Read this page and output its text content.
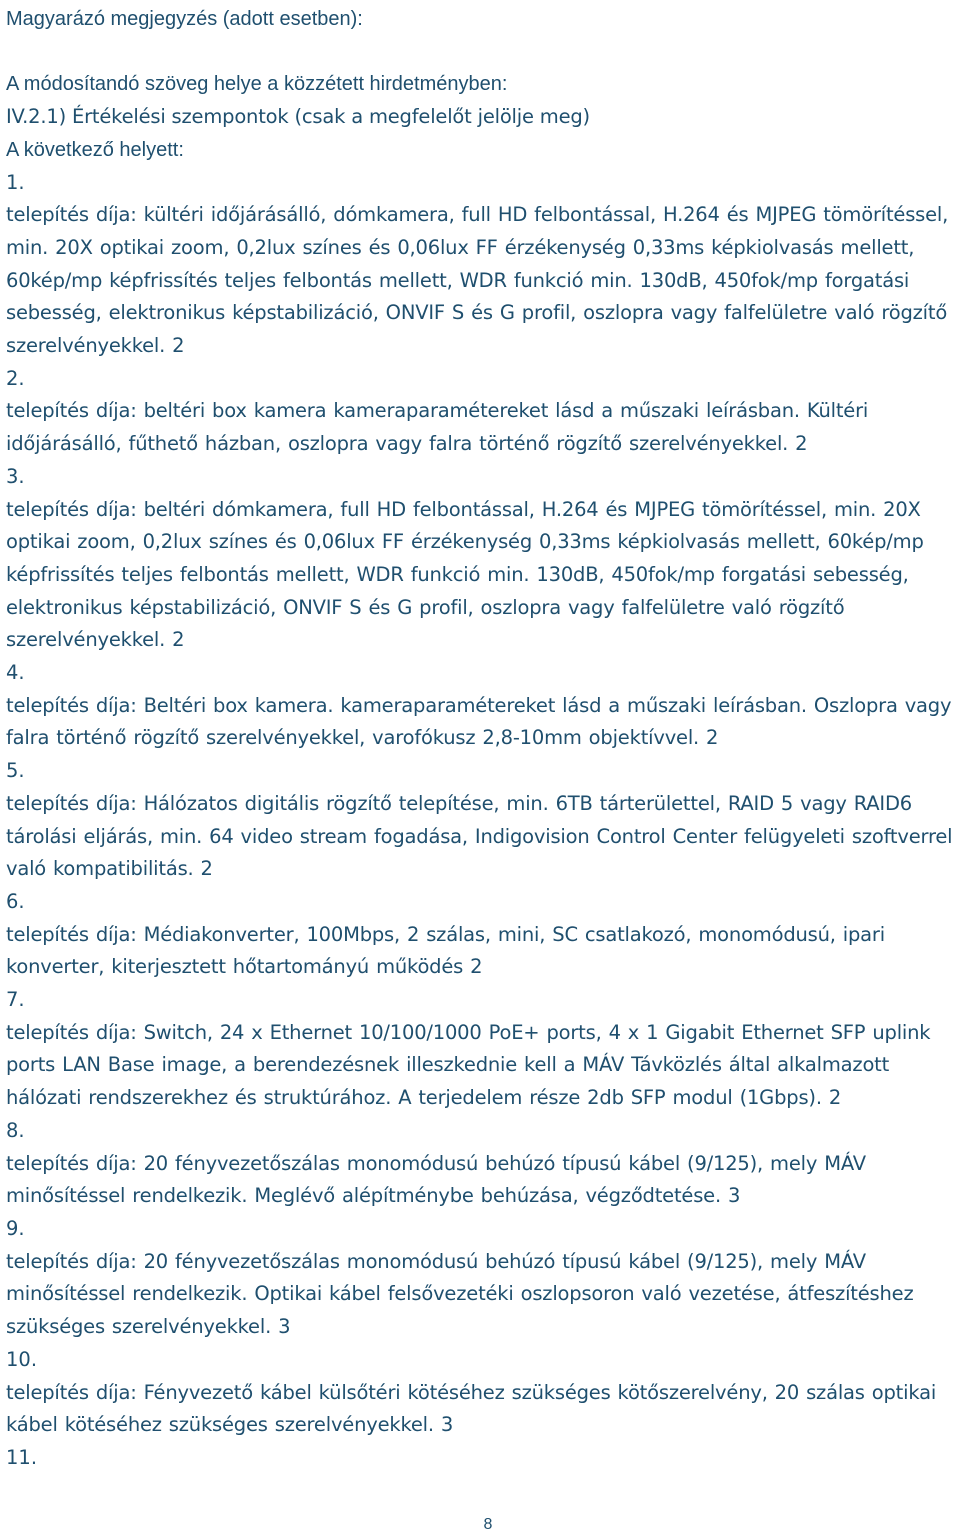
Magyarázó megjegyzés (adott esetben):
A módosítandó szöveg helye a közzétett hirdetményben:
IV.2.1) Értékelési szempontok (csak a megfelelőt jelölje meg)
A következő helyett:
1.
telepítés díja: kültéri időjárásálló, dómkamera, full HD felbontással, H.264 és MJPEG tömörítéssel, min. 20X optikai zoom, 0,2lux színes és 0,06lux FF érzékenység 0,33ms képkiolvasás mellett, 60kép/mp képfrissítés teljes felbontás mellett, WDR funkció min. 130dB, 450fok/mp forgatási sebesség, elektronikus képstabilizáció, ONVIF S és G profil, oszlopra vagy falfelületre való rögzítő szerelvényekkel. 2
2.
telepítés díja: beltéri box kamera kameraparamétereket lásd a műszaki leírásban. Kültéri időjárásálló, fűthető házban, oszlopra vagy falra történő rögzítő szerelvényekkel. 2
3.
telepítés díja: beltéri dómkamera, full HD felbontással, H.264 és MJPEG tömörítéssel, min. 20X optikai zoom, 0,2lux színes és 0,06lux FF érzékenység 0,33ms képkiolvasás mellett, 60kép/mp képfrissítés teljes felbontás mellett, WDR funkció min. 130dB, 450fok/mp forgatási sebesség, elektronikus képstabilizáció, ONVIF S és G profil, oszlopra vagy falfelületre való rögzítő szerelvényekkel. 2
4.
telepítés díja: Beltéri box kamera. kameraparamétereket lásd a műszaki leírásban. Oszlopra vagy falra történő rögzítő szerelvényekkel, varofókusz 2,8-10mm objektívvel. 2
5.
telepítés díja: Hálózatos digitális rögzítő telepítése, min. 6TB tárterülettel, RAID 5 vagy RAID6 tárolási eljárás, min. 64 video stream fogadása, Indigovision Control Center felügyeleti szoftverrel való kompatibilitás. 2
6.
telepítés díja: Médiakonverter, 100Mbps, 2 szálas, mini, SC csatlakozó, monomódusú, ipari konverter, kiterjesztett hőtartományú működés 2
7.
telepítés díja: Switch, 24 x Ethernet 10/100/1000 PoE+ ports, 4 x 1 Gigabit Ethernet SFP uplink ports LAN Base image, a berendezésnek illeszkednie kell a MÁV Távközlés által alkalmazott hálózati rendszerekhez és struktúrához. A terjedelem része 2db SFP modul (1Gbps). 2
8.
telepítés díja: 20 fényvezetőszálas monomódusú behúzó típusú kábel (9/125), mely MÁV minősítéssel rendelkezik. Meglévő alépítménybe behúzása, végződtetése. 3
9.
telepítés díja: 20 fényvezetőszálas monomódusú behúzó típusú kábel (9/125), mely MÁV minősítéssel rendelkezik. Optikai kábel felsővezetéki oszlopsoron való vezetése, átfeszítéshez szükséges szerelvényekkel. 3
10.
telepítés díja: Fényvezető kábel külsőtéri kötéséhez szükséges kötőszerelvény, 20 szálas optikai kábel kötéséhez szükséges szerelvényekkel. 3
11.
8
